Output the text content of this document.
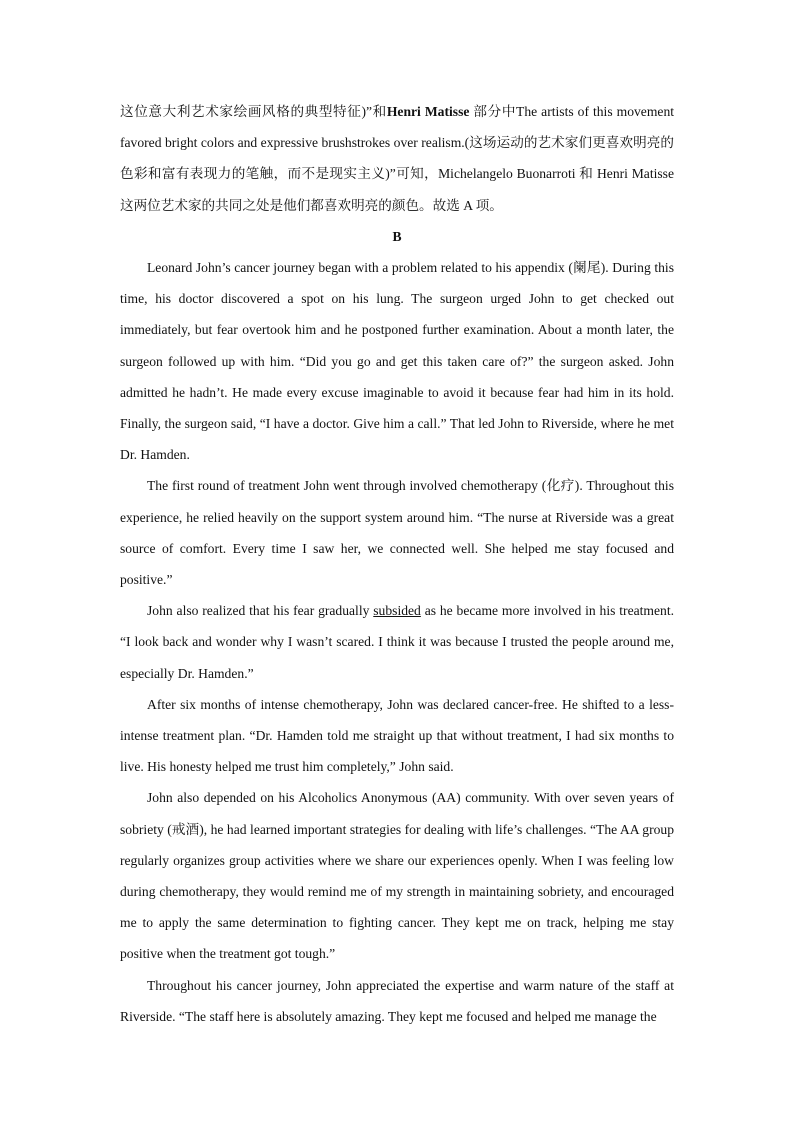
这位意大利艺术家绘画风格的典型特征)”和Henri Matisse 部分中The artists of this movement favored bright colors and expressive brushstrokes over realism.(这场运动的艺术家们更喜欢明亮的色彩和富有表现力的笔触，而不是现实主义)”可知，Michelangelo Buonarroti 和 Henri Matisse 这两位艺术家的共同之处是他们都喜欢明亮的颜色。故选 A 项。

B

Leonard John’s cancer journey began with a problem related to his appendix (阑尾). During this time, his doctor discovered a spot on his lung. The surgeon urged John to get checked out immediately, but fear overtook him and he postponed further examination. About a month later, the surgeon followed up with him. “Did you go and get this taken care of?” the surgeon asked. John admitted he hadn’t. He made every excuse imaginable to avoid it because fear had him in its hold. Finally, the surgeon said, “I have a doctor. Give him a call.” That led John to Riverside, where he met Dr. Hamden.

The first round of treatment John went through involved chemotherapy (化疗). Throughout this experience, he relied heavily on the support system around him. “The nurse at Riverside was a great source of comfort. Every time I saw her, we connected well. She helped me stay focused and positive.”

John also realized that his fear gradually subsided as he became more involved in his treatment. “I look back and wonder why I wasn’t scared. I think it was because I trusted the people around me, especially Dr. Hamden.”

After six months of intense chemotherapy, John was declared cancer-free. He shifted to a less-intense treatment plan. “Dr. Hamden told me straight up that without treatment, I had six months to live. His honesty helped me trust him completely,” John said.

John also depended on his Alcoholics Anonymous (AA) community. With over seven years of sobriety (戒酒), he had learned important strategies for dealing with life’s challenges. “The AA group regularly organizes group activities where we share our experiences openly. When I was feeling low during chemotherapy, they would remind me of my strength in maintaining sobriety, and encouraged me to apply the same determination to fighting cancer. They kept me on track, helping me stay positive when the treatment got tough.”

Throughout his cancer journey, John appreciated the expertise and warm nature of the staff at Riverside. “The staff here is absolutely amazing. They kept me focused and helped me manage the
